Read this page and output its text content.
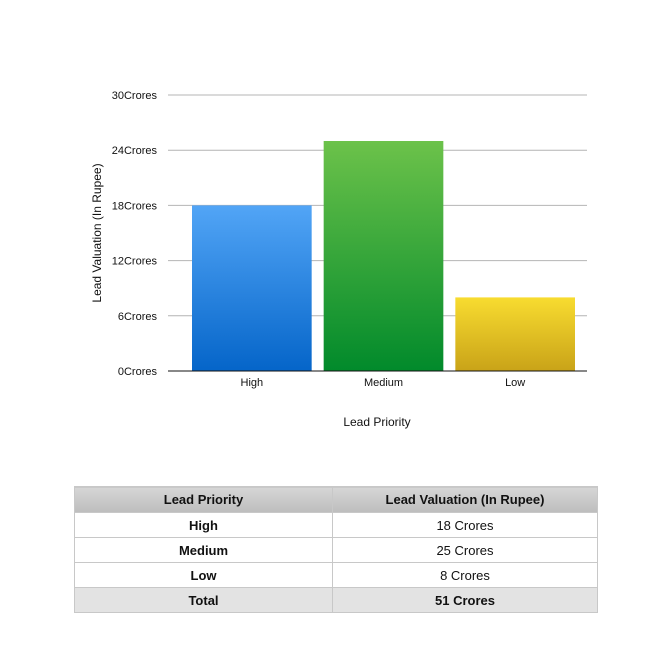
0Crores
6Crores
12Crores
18Crores
24Crores
30Crores
High	Medium	Low
Lead Priority
Lead Valuation (In Rupee)
Lead Priority	Lead Valuation (In Rupee)
High	18 Crores
Medium	25 Crores
Low	8 Crores
Total	51 Crores
